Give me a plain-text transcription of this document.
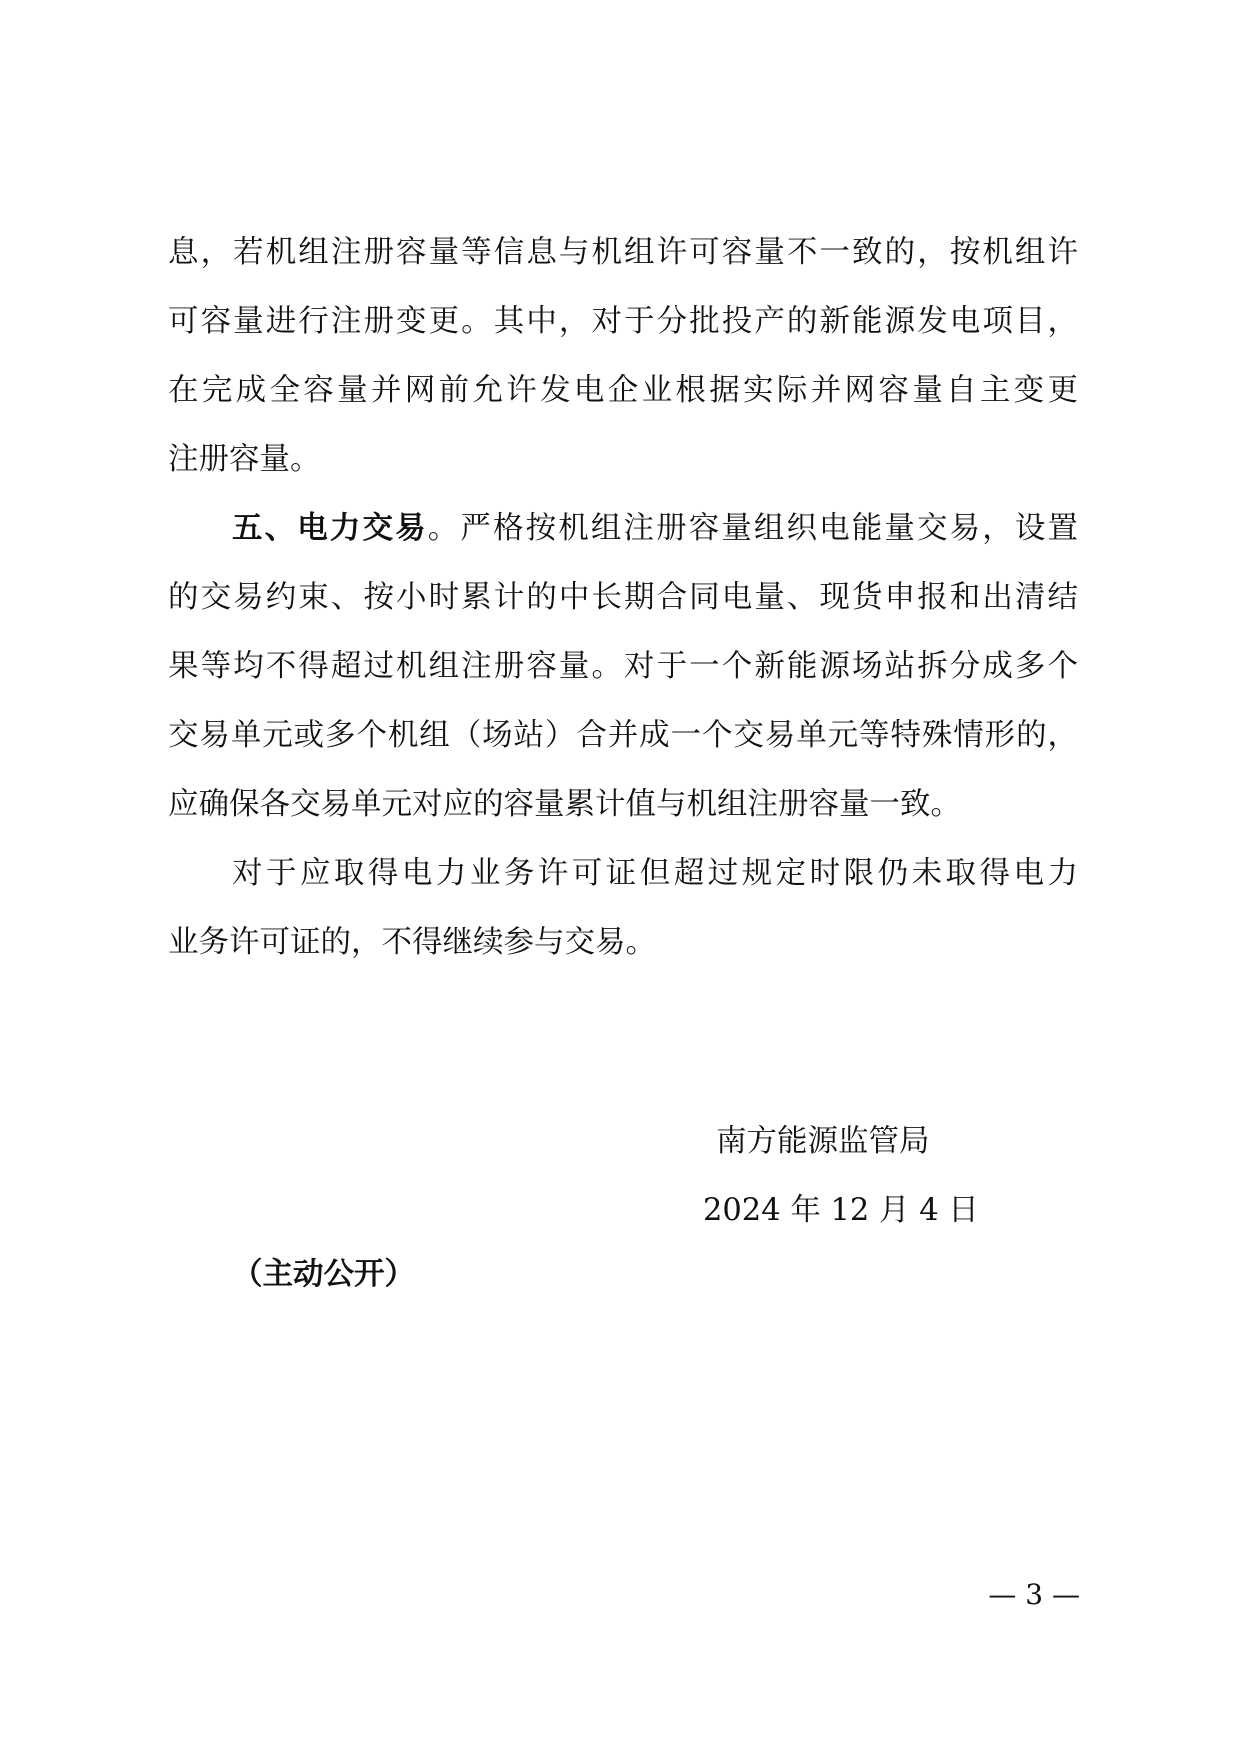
息，若机组注册容量等信息与机组许可容量不一致的，按机组许
可容量进行注册变更。其中，对于分批投产的新能源发电项目，
在完成全容量并网前允许发电企业根据实际并网容量自主变更
注册容量。
五、电力交易。严格按机组注册容量组织电能量交易，设置
的交易约束、按小时累计的中长期合同电量、现货申报和出清结
果等均不得超过机组注册容量。对于一个新能源场站拆分成多个
交易单元或多个机组（场站）合并成一个交易单元等特殊情形的，
应确保各交易单元对应的容量累计值与机组注册容量一致。
对于应取得电力业务许可证但超过规定时限仍未取得电力
业务许可证的，不得继续参与交易。
南方能源监管局
2024 年 12 月 4 日
（主动公开）
— 3 —
